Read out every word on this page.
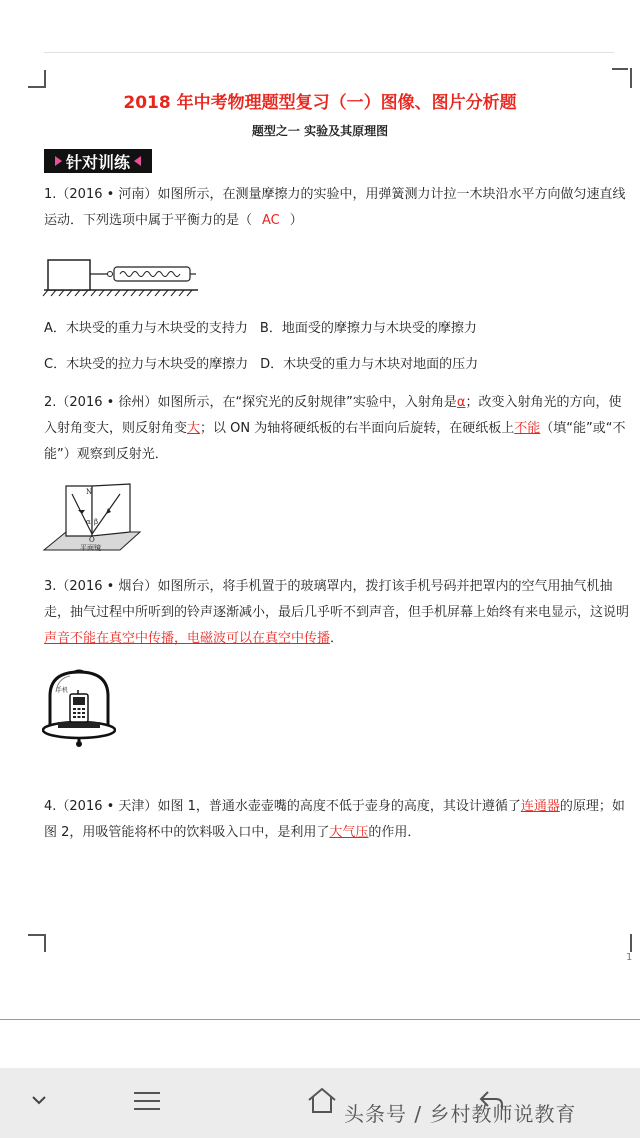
2018 年中考物理题型复习（一）图像、图片分析题
题型之一 实验及其原理图
针对训练
1.（2016 • 河南）如图所示，在测量摩擦力的实验中，用弹簧测力计拉一木块沿水平方向做匀速直线运动．下列选项中属于平衡力的是（ AC ）
A．木块受的重力与木块受的支持力 B．地面受的摩擦力与木块受的摩擦力
C．木块受的拉力与木块受的摩擦力 D．木块受的重力与木块对地面的压力
2.（2016 • 徐州）如图所示，在“探究光的反射规律”实验中，入射角是α；改变入射角光的方向，使入射角变大，则反射角变大；以 ON 为轴将硬纸板的右半面向后旋转，在硬纸板上不能（填“能”或“不能”）观察到反射光．
N
α β
O
平面镜
3.（2016 • 烟台）如图所示，将手机置于的玻璃罩内，拨打该手机号码并把罩内的空气用抽气机抽走，抽气过程中所听到的铃声逐渐减小，最后几乎听不到声音，但手机屏幕上始终有来电显示，这说明声音不能在真空中传播，电磁波可以在真空中传播．
手机
4.（2016 • 天津）如图 1，普通水壶壶嘴的高度不低于壶身的高度，其设计遵循了连通器的原理；如图 2，用吸管能将杯中的饮料吸入口中，是利用了大气压的作用．
1
头条号 / 乡村教师说教育
